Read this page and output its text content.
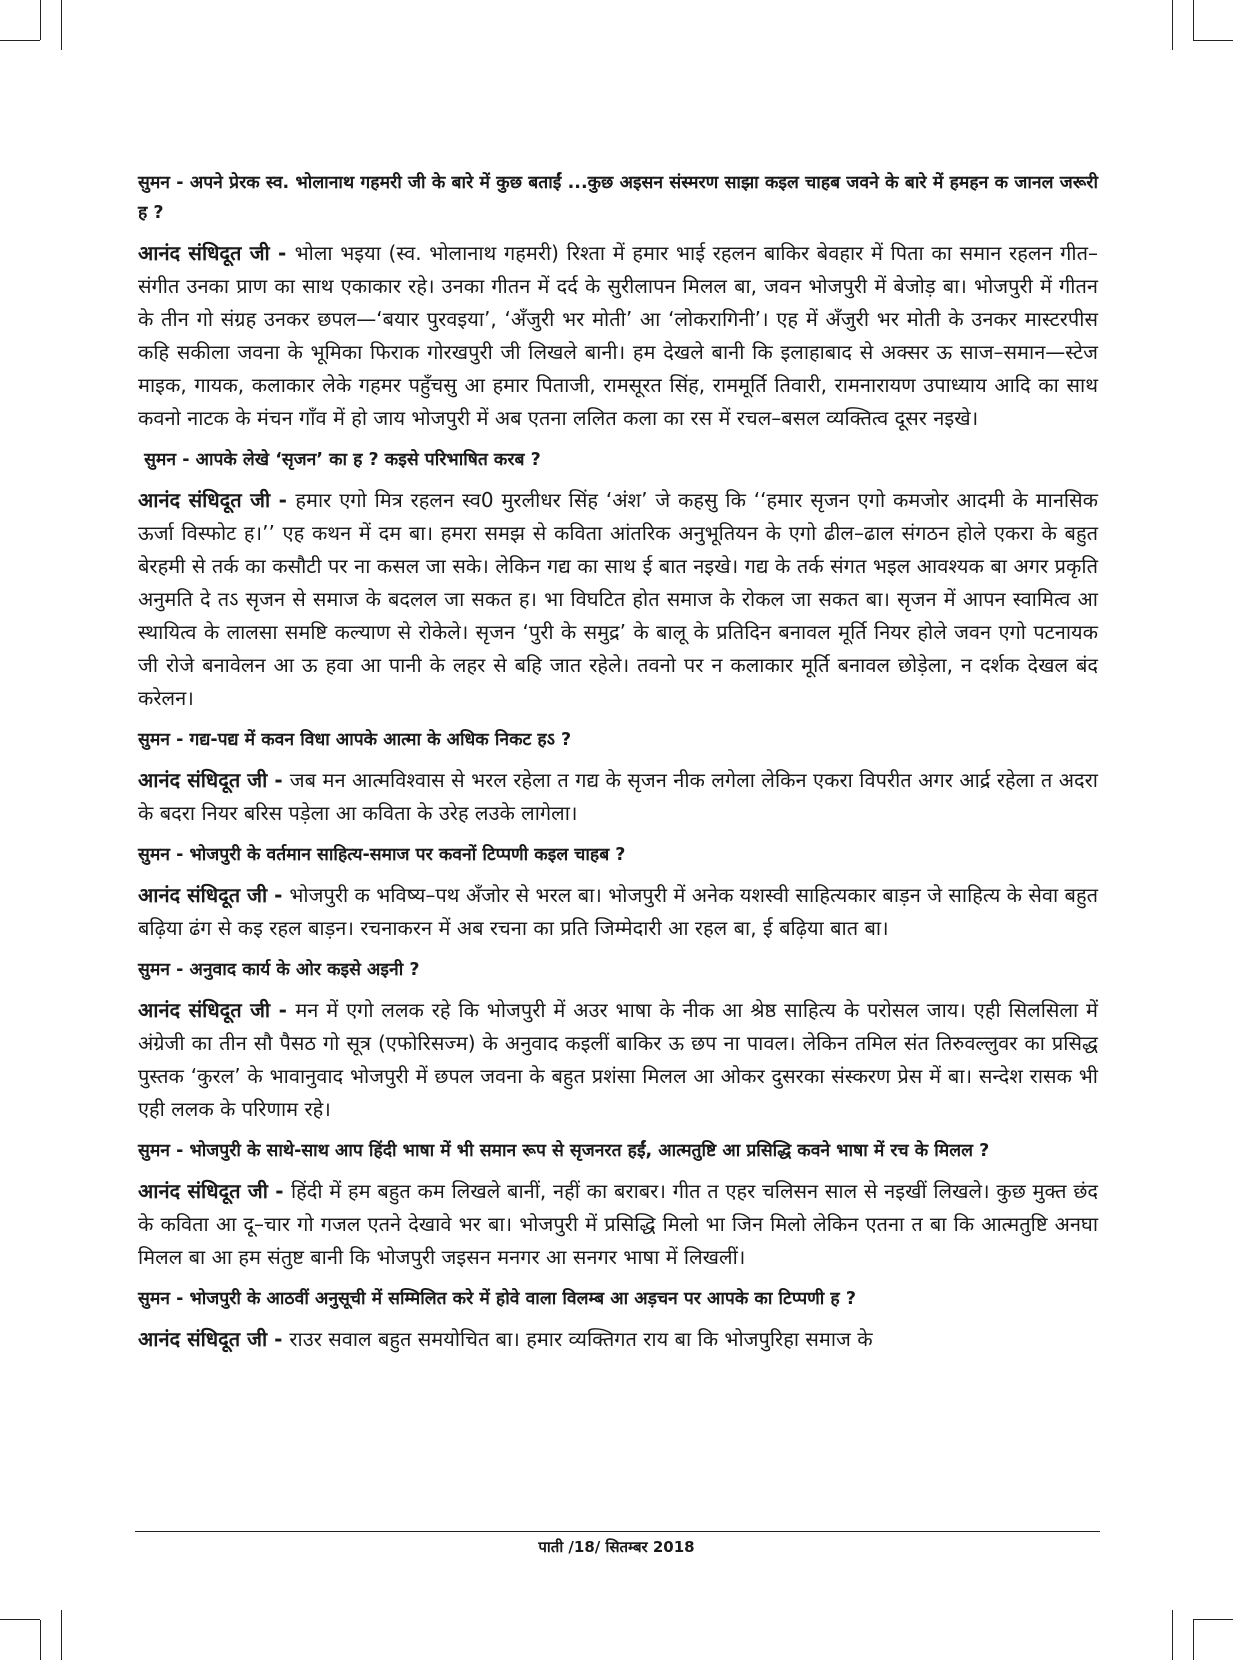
सुमन - अपने प्रेरक स्व. भोलानाथ गहमरी जी के बारे में कुछ बताईं ...कुछ अइसन संस्मरण साझा कइल चाहब जवने के बारे में हमहन क जानल जरूरी ह ?

आनंद संधिदूत जी - भोला भइया (स्व. भोलानाथ गहमरी) रिश्ता में हमार भाई रहलन बाकिर बेवहार में पिता का समान रहलन गीत–संगीत उनका प्राण का साथ एकाकार रहे। उनका गीतन में दर्द के सुरीलापन मिलल बा, जवन भोजपुरी में बेजोड़ बा। भोजपुरी में गीतन के तीन गो संग्रह उनकर छपल—‘बयार पुरवइया’, ‘अँजुरी भर मोती’ आ ‘लोकरागिनी’। एह में अँजुरी भर मोती के उनकर मास्टरपीस कहि सकीला जवना के भूमिका फिराक गोरखपुरी जी लिखले बानी। हम देखले बानी कि इलाहाबाद से अक्सर ऊ साज–समान—स्टेज माइक, गायक, कलाकार लेके गहमर पहुँचसु आ हमार पिताजी, रामसूरत सिंह, राममूर्ति तिवारी, रामनारायण उपाध्याय आदि का साथ कवनो नाटक के मंचन गाँव में हो जाय भोजपुरी में अब एतना ललित कला का रस में रचल–बसल व्यक्तित्व दूसर नइखे।

सुमन - आपके लेखे ‘सृजन’ का ह ? कइसे परिभाषित करब ?

आनंद संधिदूत जी - हमार एगो मित्र रहलन स्व0 मुरलीधर सिंह ‘अंश’ जे कहसु कि ‘‘हमार सृजन एगो कमजोर आदमी के मानसिक ऊर्जा विस्फोट ह।’’ एह कथन में दम बा। हमरा समझ से कविता आंतरिक अनुभूतियन के एगो ढील–ढाल संगठन होले एकरा के बहुत बेरहमी से तर्क का कसौटी पर ना कसल जा सके। लेकिन गद्य का साथ ई बात नइखे। गद्य के तर्क संगत भइल आवश्यक बा अगर प्रकृति अनुमति दे तऽ सृजन से समाज के बदलल जा सकत ह। भा विघटित होत समाज के रोकल जा सकत बा। सृजन में आपन स्वामित्व आ स्थायित्व के लालसा समष्टि कल्याण से रोकेले। सृजन ‘पुरी के समुद्र’ के बालू के प्रतिदिन बनावल मूर्ति नियर होले जवन एगो पटनायक जी रोजे बनावेलन आ ऊ हवा आ पानी के लहर से बहि जात रहेले। तवनो पर न कलाकार मूर्ति बनावल छोड़ेला, न दर्शक देखल बंद करेलन।

सुमन - गद्य-पद्य में कवन विधा आपके आत्मा के अधिक निकट हऽ ?

आनंद संधिदूत जी - जब मन आत्मविश्वास से भरल रहेला त गद्य के सृजन नीक लगेला लेकिन एकरा विपरीत अगर आर्द्र रहेला त अदरा के बदरा नियर बरिस पड़ेला आ कविता के उरेह लउके लागेला।

सुमन - भोजपुरी के वर्तमान साहित्य-समाज पर कवनों टिप्पणी कइल चाहब ?

आनंद संधिदूत जी - भोजपुरी क भविष्य–पथ अँजोर से भरल बा। भोजपुरी में अनेक यशस्वी साहित्यकार बाड़न जे साहित्य के सेवा बहुत बढ़िया ढंग से कइ रहल बाड़न। रचनाकरन में अब रचना का प्रति जिम्मेदारी आ रहल बा, ई बढ़िया बात बा।

सुमन - अनुवाद कार्य के ओर कइसे अइनी ?

आनंद संधिदूत जी - मन में एगो ललक रहे कि भोजपुरी में अउर भाषा के नीक आ श्रेष्ठ साहित्य के परोसल जाय। एही सिलसिला में अंग्रेजी का तीन सौ पैसठ गो सूत्र (एफोरिसज्म) के अनुवाद कइलीं बाकिर ऊ छप ना पावल। लेकिन तमिल संत तिरुवल्लुवर का प्रसिद्ध पुस्तक ‘कुरल’ के भावानुवाद भोजपुरी में छपल जवना के बहुत प्रशंसा मिलल आ ओकर दुसरका संस्करण प्रेस में बा। सन्देश रासक भी एही ललक के परिणाम रहे।

सुमन - भोजपुरी के साथे-साथ आप हिंदी भाषा में भी समान रूप से सृजनरत हईं, आत्मतुष्टि आ प्रसिद्धि कवने भाषा में रच के मिलल ?

आनंद संधिदूत जी - हिंदी में हम बहुत कम लिखले बानीं, नहीं का बराबर। गीत त एहर चलिसन साल से नइखीं लिखले। कुछ मुक्त छंद के कविता आ दू–चार गो गजल एतने देखावे भर बा। भोजपुरी में प्रसिद्धि मिलो भा जिन मिलो लेकिन एतना त बा कि आत्मतुष्टि अनघा मिलल बा आ हम संतुष्ट बानी कि भोजपुरी जइसन मनगर आ सनगर भाषा में लिखलीं।

सुमन - भोजपुरी के आठवीं अनुसूची में सम्मिलित करे में होवे वाला विलम्ब आ अड़चन पर आपके का टिप्पणी ह ?

आनंद संधिदूत जी - राउर सवाल बहुत समयोचित बा। हमार व्यक्तिगत राय बा कि भोजपुरिहा समाज के

पाती /18/ सितम्बर 2018
